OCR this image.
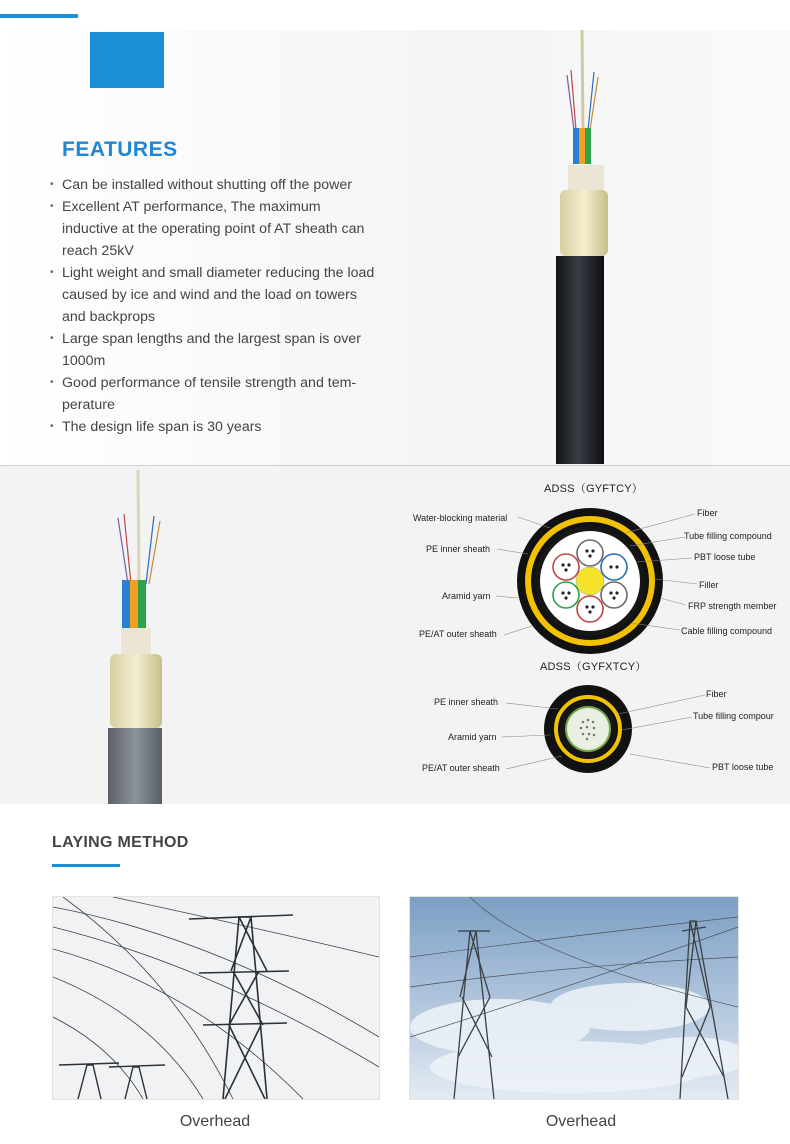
FEATURES
• Can be installed without shutting off the power
• Excellent AT performance, The maximum inductive at the operating point of AT sheath can reach 25kV
• Light weight and small diameter reducing the load caused by ice and wind and the load on towers and backprops
• Large span lengths and the largest span is over 1000m
• Good performance of tensile strength and tem-perature
• The design life span is 30 years
ADSS（GYFTCY）
Water-blocking material
PE inner sheath
Aramid yarn
PE/AT outer sheath
Fiber
Tube filling compound
PBT loose tube
Filler
FRP strength member
Cable filling compound
ADSS（GYFXTCY）
PE inner sheath
Aramid yarn
PE/AT outer sheath
Fiber
Tube filling compour
PBT loose tube
LAYING METHOD
Overhead	Overhead
